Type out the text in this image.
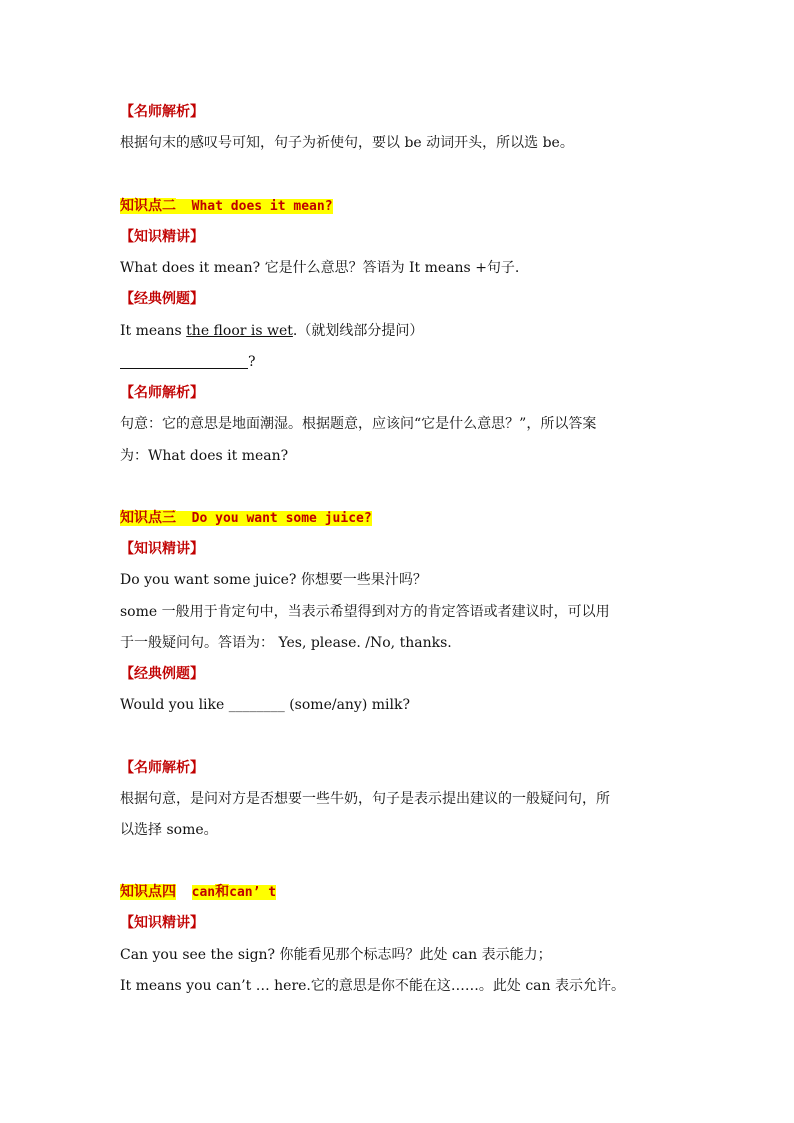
【名师解析】
根据句末的感叹号可知，句子为祈使句，要以 be 动词开头，所以选 be。
知识点二 What does it mean?
【知识精讲】
What does it mean? 它是什么意思？答语为 It means +句子.
【经典例题】
It means the floor is wet.（就划线部分提问）
?
【名师解析】
句意：它的意思是地面潮湿。根据题意，应该问“它是什么意思？”，所以答案
为：What does it mean?
知识点三 Do you want some juice?
【知识精讲】
Do you want some juice? 你想要一些果汁吗？
some 一般用于肯定句中，当表示希望得到对方的肯定答语或者建议时，可以用
于一般疑问句。答语为： Yes, please. /No, thanks.
【经典例题】
Would you like ________ (some/any) milk?
【名师解析】
根据句意，是问对方是否想要一些牛奶，句子是表示提出建议的一般疑问句，所
以选择 some。
知识点四 can和can’ t
【知识精讲】
Can you see the sign? 你能看见那个标志吗？此处 can 表示能力；
It means you can’t … here.它的意思是你不能在这……。此处 can 表示允许。
